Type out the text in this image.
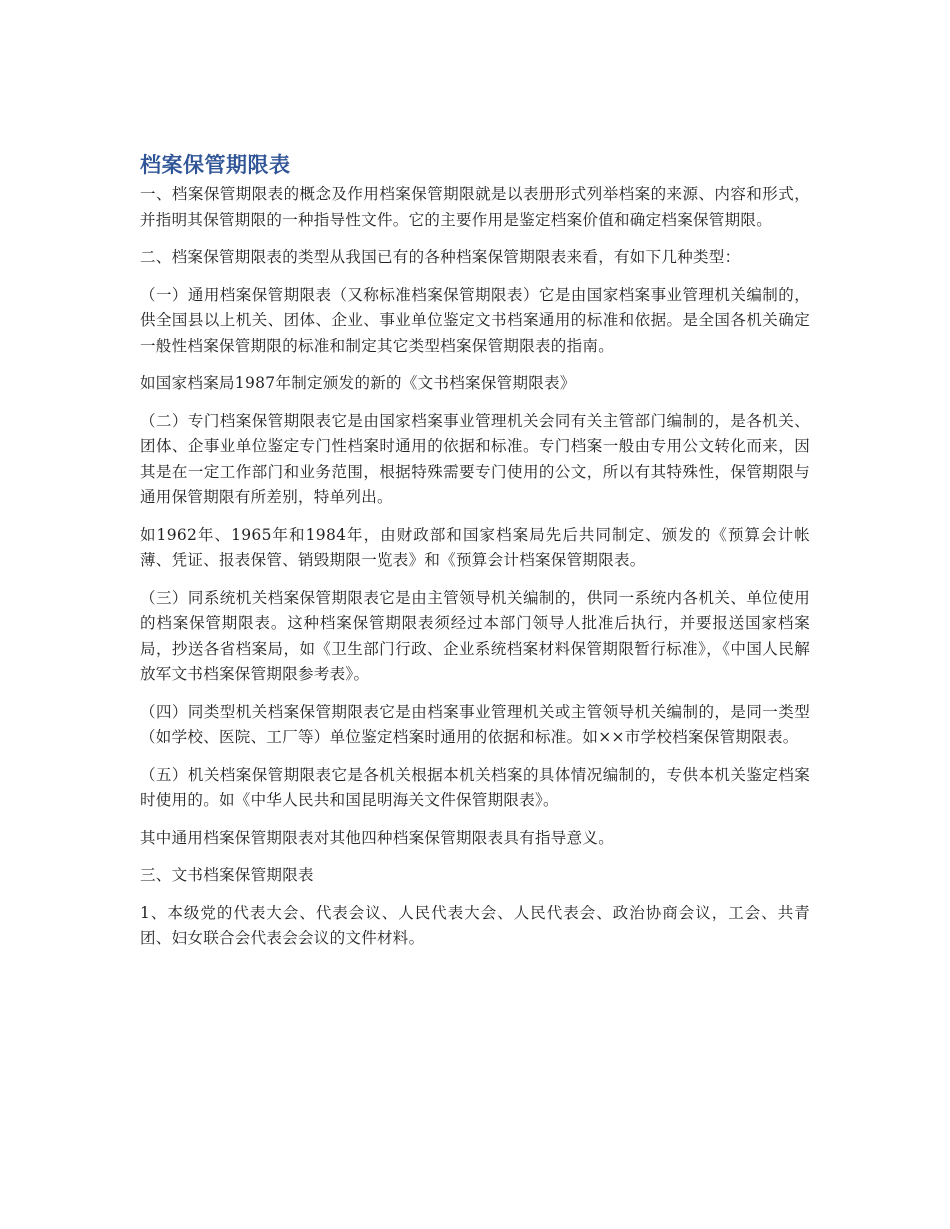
档案保管期限表

一、档案保管期限表的概念及作用档案保管期限就是以表册形式列举档案的来源、内容和形式，并指明其保管期限的一种指导性文件。它的主要作用是鉴定档案价值和确定档案保管期限。

二、档案保管期限表的类型从我国已有的各种档案保管期限表来看，有如下几种类型：

（一）通用档案保管期限表（又称标准档案保管期限表）它是由国家档案事业管理机关编制的，供全国县以上机关、团体、企业、事业单位鉴定文书档案通用的标准和依据。是全国各机关确定一般性档案保管期限的标准和制定其它类型档案保管期限表的指南。

如国家档案局1987年制定颁发的新的《文书档案保管期限表》

（二）专门档案保管期限表它是由国家档案事业管理机关会同有关主管部门编制的，是各机关、团体、企事业单位鉴定专门性档案时通用的依据和标准。专门档案一般由专用公文转化而来，因其是在一定工作部门和业务范围，根据特殊需要专门使用的公文，所以有其特殊性，保管期限与通用保管期限有所差别，特单列出。

如1962年、1965年和1984年，由财政部和国家档案局先后共同制定、颁发的《预算会计帐薄、凭证、报表保管、销毁期限一览表》和《预算会计档案保管期限表。

（三）同系统机关档案保管期限表它是由主管领导机关编制的，供同一系统内各机关、单位使用的档案保管期限表。这种档案保管期限表须经过本部门领导人批准后执行，并要报送国家档案局，抄送各省档案局，如《卫生部门行政、企业系统档案材料保管期限暂行标准》，《中国人民解放军文书档案保管期限参考表》。

（四）同类型机关档案保管期限表它是由档案事业管理机关或主管领导机关编制的，是同一类型（如学校、医院、工厂等）单位鉴定档案时通用的依据和标准。如××市学校档案保管期限表。

（五）机关档案保管期限表它是各机关根据本机关档案的具体情况编制的，专供本机关鉴定档案时使用的。如《中华人民共和国昆明海关文件保管期限表》。

其中通用档案保管期限表对其他四种档案保管期限表具有指导意义。

三、文书档案保管期限表

1、本级党的代表大会、代表会议、人民代表大会、人民代表会、政治协商会议，工会、共青团、妇女联合会代表会会议的文件材料。
